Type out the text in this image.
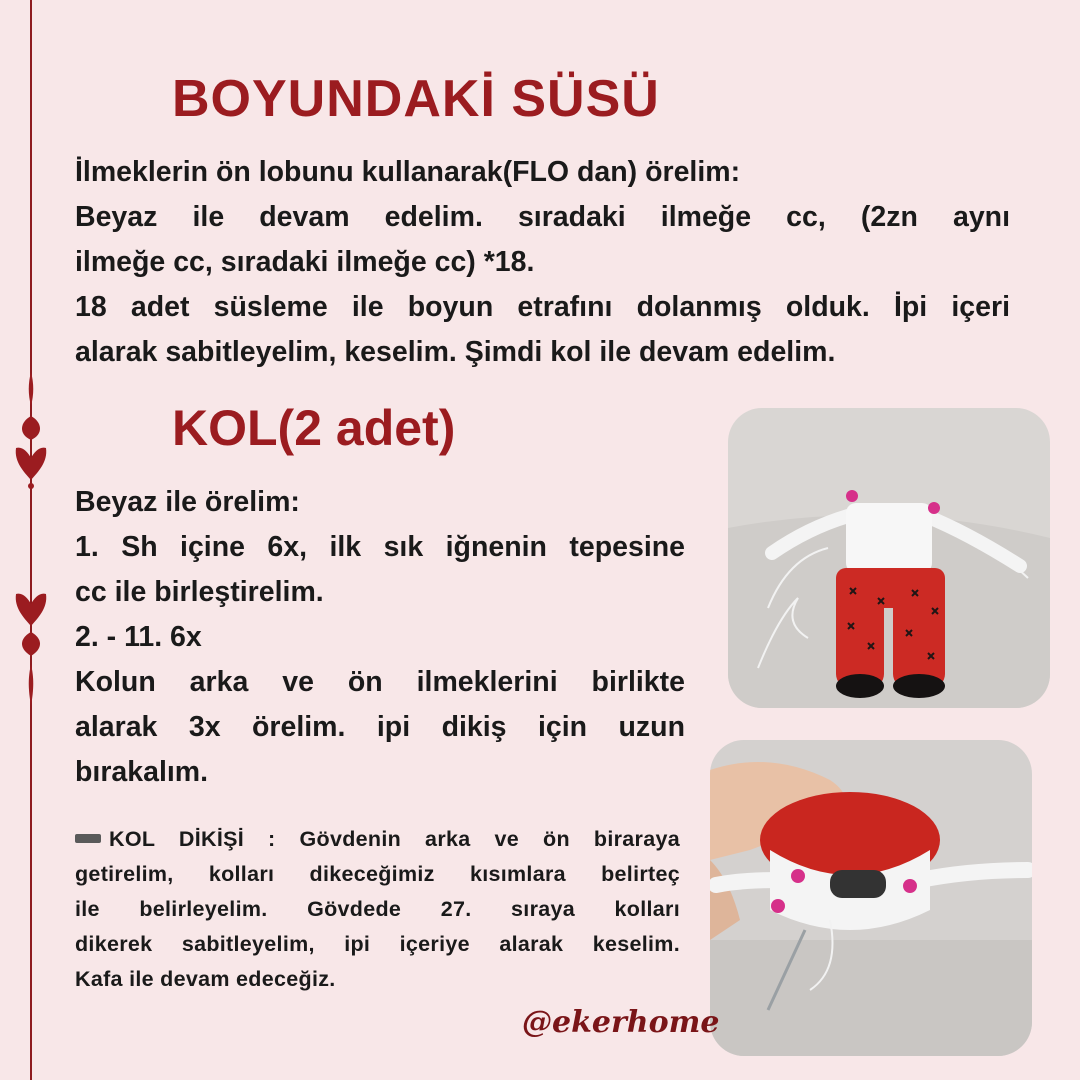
BOYUNDAKİ SÜSÜ
İlmeklerin ön lobunu kullanarak(FLO dan) örelim:
Beyaz ile devam edelim. sıradaki ilmeğe cc, (2zn aynı
ilmeğe cc, sıradaki ilmeğe cc) *18.
18 adet süsleme ile boyun etrafını dolanmış olduk. İpi içeri
alarak sabitleyelim, keselim. Şimdi kol ile devam edelim.
KOL(2 adet)
Beyaz ile örelim:
1. Sh içine 6x, ilk sık iğnenin tepesine
cc ile birleştirelim.
2. - 11. 6x
Kolun arka ve ön ilmeklerini birlikte
alarak 3x örelim. ipi dikiş için uzun
bırakalım.
KOL DİKİŞİ : Gövdenin arka ve ön biraraya
getirelim, kolları dikeceğimiz kısımlara belirteç
ile belirleyelim. Gövdede 27. sıraya kolları
dikerek sabitleyelim, ipi içeriye alarak keselim.
Kafa ile devam edeceğiz.
@ekerhome
